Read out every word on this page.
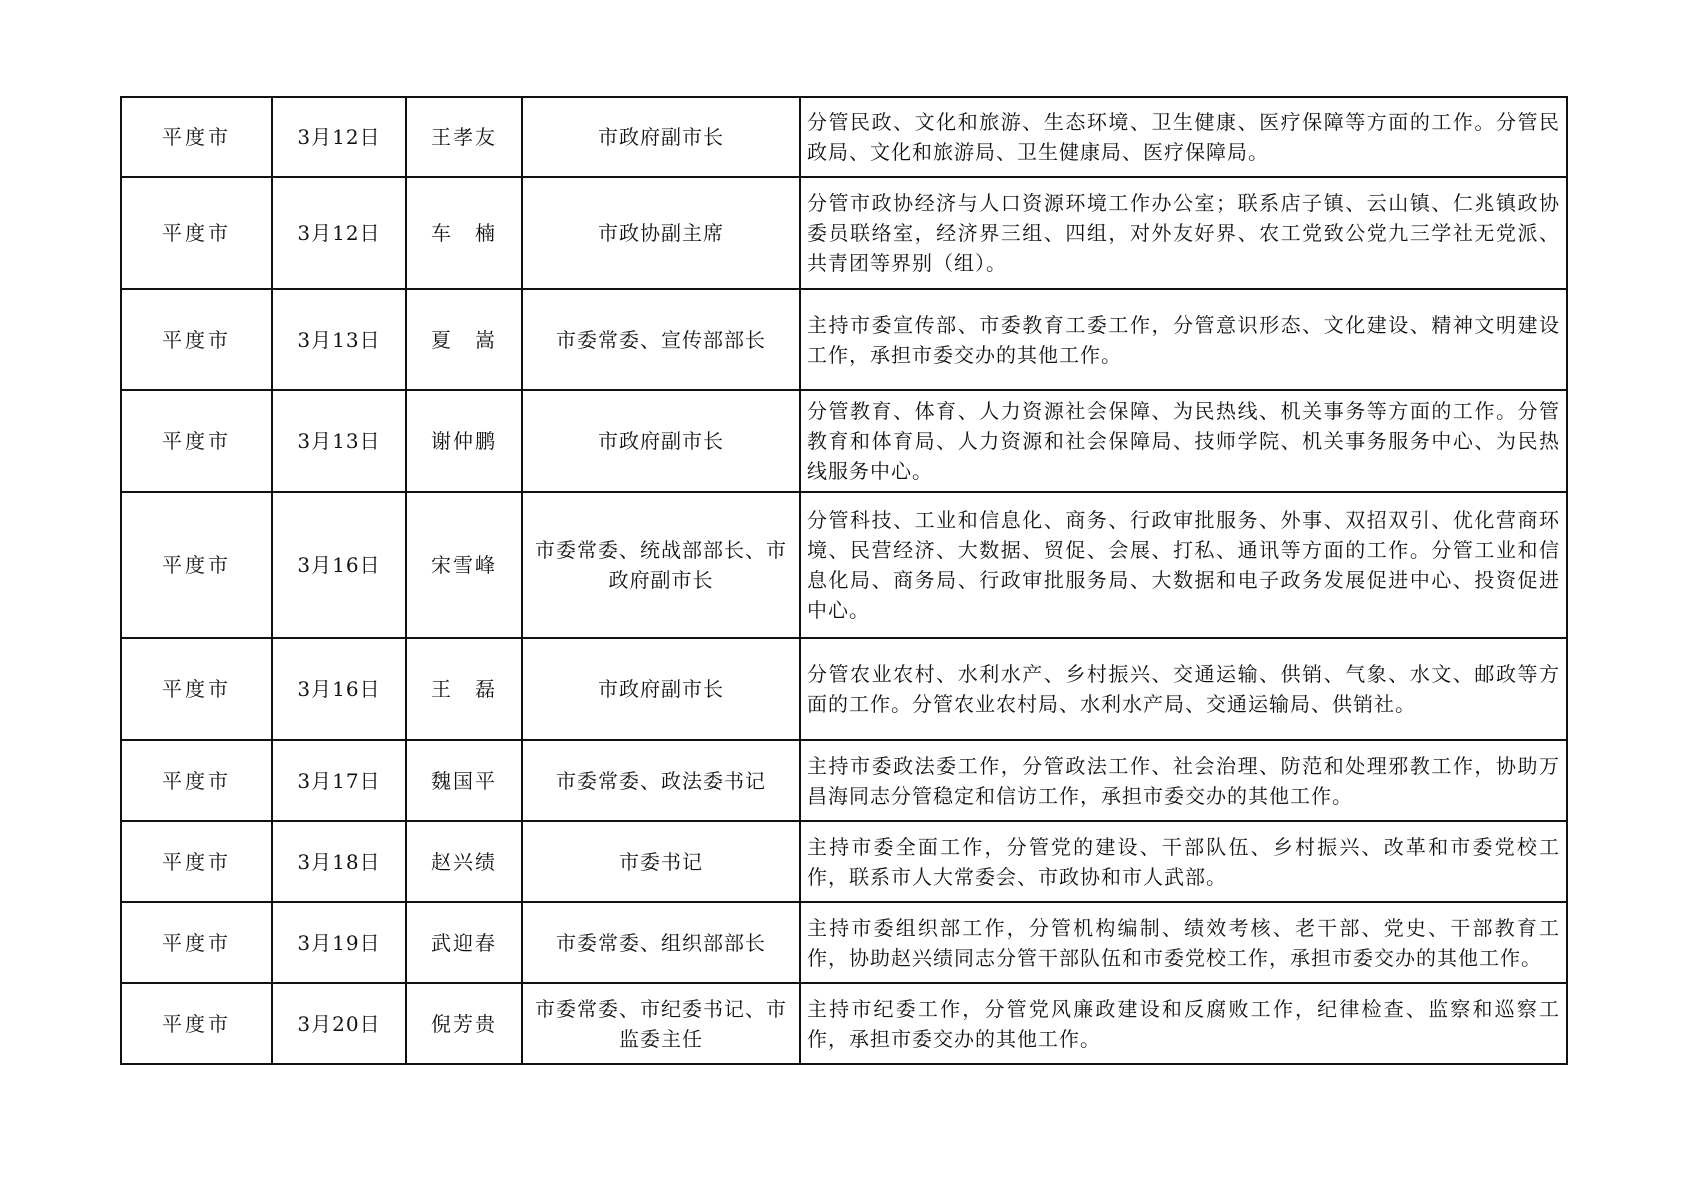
平度市	3月12日	王孝友	市政府副市长	分管民政、文化和旅游、生态环境、卫生健康、医疗保障等方面的工作。分管民政局、文化和旅游局、卫生健康局、医疗保障局。
平度市	3月12日	车　楠	市政协副主席	分管市政协经济与人口资源环境工作办公室；联系店子镇、云山镇、仁兆镇政协委员联络室，经济界三组、四组，对外友好界、农工党致公党九三学社无党派、共青团等界别（组）。
平度市	3月13日	夏　嵩	市委常委、宣传部部长	主持市委宣传部、市委教育工委工作，分管意识形态、文化建设、精神文明建设工作，承担市委交办的其他工作。
平度市	3月13日	谢仲鹏	市政府副市长	分管教育、体育、人力资源社会保障、为民热线、机关事务等方面的工作。分管教育和体育局、人力资源和社会保障局、技师学院、机关事务服务中心、为民热线服务中心。
平度市	3月16日	宋雪峰	市委常委、统战部部长、市政府副市长	分管科技、工业和信息化、商务、行政审批服务、外事、双招双引、优化营商环境、民营经济、大数据、贸促、会展、打私、通讯等方面的工作。分管工业和信息化局、商务局、行政审批服务局、大数据和电子政务发展促进中心、投资促进中心。
平度市	3月16日	王　磊	市政府副市长	分管农业农村、水利水产、乡村振兴、交通运输、供销、气象、水文、邮政等方面的工作。分管农业农村局、水利水产局、交通运输局、供销社。
平度市	3月17日	魏国平	市委常委、政法委书记	主持市委政法委工作，分管政法工作、社会治理、防范和处理邪教工作，协助万昌海同志分管稳定和信访工作，承担市委交办的其他工作。
平度市	3月18日	赵兴绩	市委书记	主持市委全面工作，分管党的建设、干部队伍、乡村振兴、改革和市委党校工作，联系市人大常委会、市政协和市人武部。
平度市	3月19日	武迎春	市委常委、组织部部长	主持市委组织部工作，分管机构编制、绩效考核、老干部、党史、干部教育工作，协助赵兴绩同志分管干部队伍和市委党校工作，承担市委交办的其他工作。
平度市	3月20日	倪芳贵	市委常委、市纪委书记、市监委主任	主持市纪委工作，分管党风廉政建设和反腐败工作，纪律检查、监察和巡察工作，承担市委交办的其他工作。
